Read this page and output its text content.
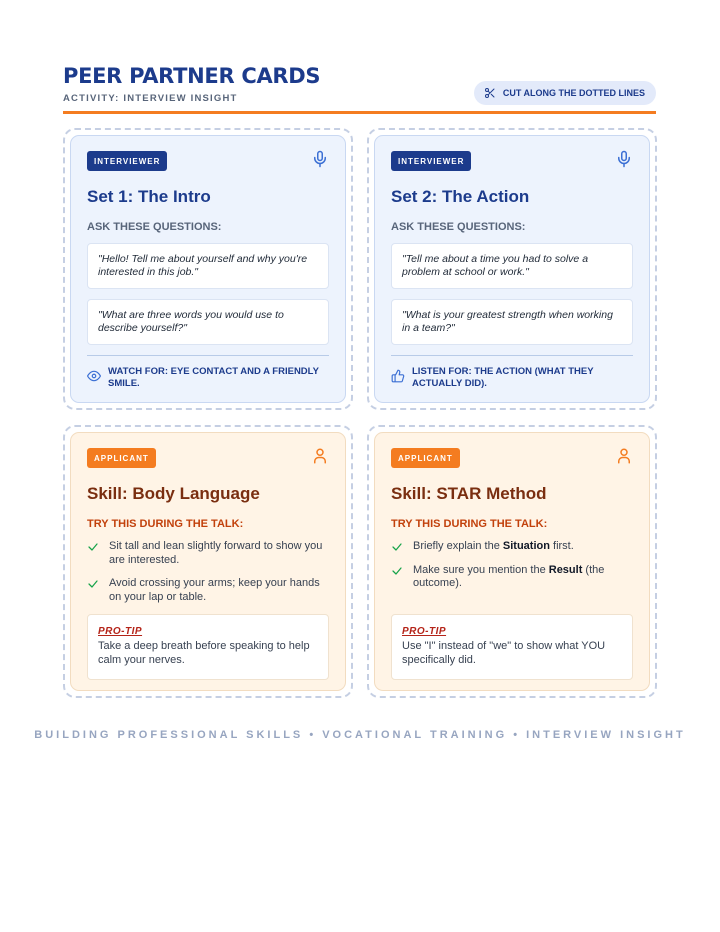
PEER PARTNER CARDS
ACTIVITY: INTERVIEW INSIGHT	CUT ALONG THE DOTTED LINES
INTERVIEWER
Set 1: The Intro
ASK THESE QUESTIONS:
"Hello! Tell me about yourself and why you're interested in this job."
"What are three words you would use to describe yourself?"
WATCH FOR: EYE CONTACT AND A FRIENDLY SMILE.
INTERVIEWER
Set 2: The Action
ASK THESE QUESTIONS:
"Tell me about a time you had to solve a problem at school or work."
"What is your greatest strength when working in a team?"
LISTEN FOR: THE ACTION (WHAT THEY ACTUALLY DID).
APPLICANT
Skill: Body Language
TRY THIS DURING THE TALK:
Sit tall and lean slightly forward to show you are interested.
Avoid crossing your arms; keep your hands on your lap or table.
PRO-TIP
Take a deep breath before speaking to help calm your nerves.
APPLICANT
Skill: STAR Method
TRY THIS DURING THE TALK:
Briefly explain the Situation first.
Make sure you mention the Result (the outcome).
PRO-TIP
Use "I" instead of "we" to show what YOU specifically did.
BUILDING PROFESSIONAL SKILLS • VOCATIONAL TRAINING • INTERVIEW INSIGHT
